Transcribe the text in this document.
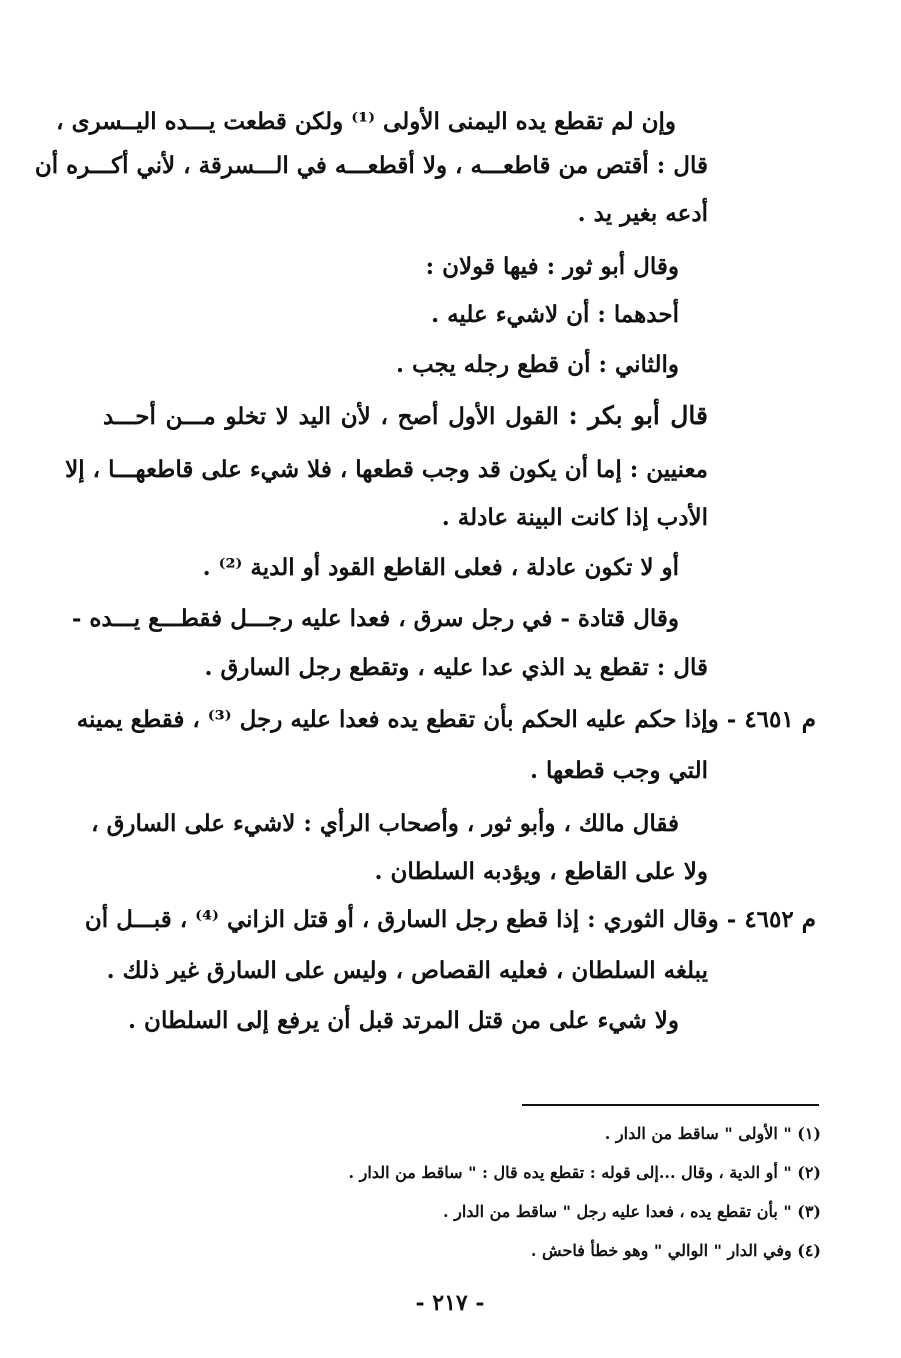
وإن لم تقطع يده اليمنى الأولى ⁽¹⁾ ولكن قطعت يـــده اليــسرى ،
قال : أقتص من قاطعـــه ، ولا أقطعـــه في الـــسرقة ، لأني أكـــره أن
أدعه بغير يد .
وقال أبو ثور : فيها قولان :
أحدهما : أن لاشيء عليه .
والثاني : أن قطع رجله يجب .
قال أبو بكر : القول الأول أصح ، لأن اليد لا تخلو مـــن أحـــد
معنيين : إما أن يكون قد وجب قطعها ، فلا شيء على قاطعهـــا ، إلا
الأدب إذا كانت البينة عادلة .
أو لا تكون عادلة ، فعلى القاطع القود أو الدية ⁽²⁾ .
وقال قتادة - في رجل سرق ، فعدا عليه رجـــل فقطـــع يـــده -
قال : تقطع يد الذي عدا عليه ، وتقطع رجل السارق .
م ٤٦٥١ - وإذا حكم عليه الحكم بأن تقطع يده فعدا عليه رجل ⁽³⁾ ، فقطع يمينه
التي وجب قطعها .
فقال مالك ، وأبو ثور ، وأصحاب الرأي : لاشيء على السارق ،
ولا على القاطع ، ويؤدبه السلطان .
م ٤٦٥٢ - وقال الثوري : إذا قطع رجل السارق ، أو قتل الزاني ⁽⁴⁾ ، قبـــل أن
يبلغه السلطان ، فعليه القصاص ، وليس على السارق غير ذلك .
ولا شيء على من قتل المرتد قبل أن يرفع إلى السلطان .
(١) " الأولى " ساقط من الدار .
(٢) " أو الدية ، وقال ...إلى قوله : تقطع يده قال : " ساقط من الدار .
(٣) " بأن تقطع يده ، فعدا عليه رجل " ساقط من الدار .
(٤) وفي الدار " الوالي " وهو خطأ فاحش .
- ٢١٧ -
